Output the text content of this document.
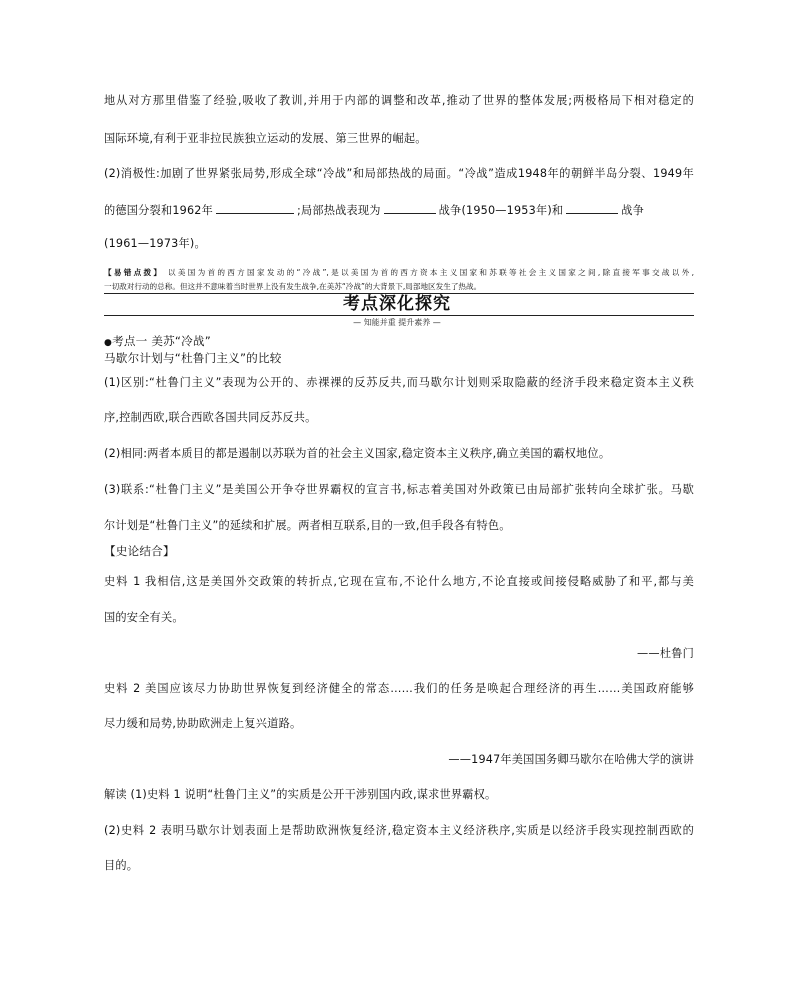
地从对方那里借鉴了经验,吸收了教训,并用于内部的调整和改革,推动了世界的整体发展;两极格局下相对稳定的
国际环境,有利于亚非拉民族独立运动的发展、第三世界的崛起。
(2)消极性:加剧了世界紧张局势,形成全球“冷战”和局部热战的局面。“冷战”造成1948年的朝鲜半岛分裂、1949年
的德国分裂和1962年	;局部热战表现为	战争(1950—1953年)和	战争
(1961—1973年)。
【易错点拨】 以美国为首的西方国家发动的“冷战”,是以美国为首的西方资本主义国家和苏联等社会主义国家之间,除直接军事交战以外,
一切敌对行动的总称。但这并不意味着当时世界上没有发生战争,在美苏“冷战”的大背景下,局部地区发生了热战。
考点深化探究
— 知能并重 提升素养 —
●考点一 美苏“冷战”
马歇尔计划与“杜鲁门主义”的比较
(1)区别:“杜鲁门主义”表现为公开的、赤裸裸的反苏反共,而马歇尔计划则采取隐蔽的经济手段来稳定资本主义秩
序,控制西欧,联合西欧各国共同反苏反共。
(2)相同:两者本质目的都是遏制以苏联为首的社会主义国家,稳定资本主义秩序,确立美国的霸权地位。
(3)联系:“杜鲁门主义”是美国公开争夺世界霸权的宣言书,标志着美国对外政策已由局部扩张转向全球扩张。马歇
尔计划是“杜鲁门主义”的延续和扩展。两者相互联系,目的一致,但手段各有特色。
【史论结合】
史料 1 我相信,这是美国外交政策的转折点,它现在宣布,不论什么地方,不论直接或间接侵略威胁了和平,都与美
国的安全有关。
——杜鲁门
史料 2 美国应该尽力协助世界恢复到经济健全的常态……我们的任务是唤起合理经济的再生……美国政府能够
尽力缓和局势,协助欧洲走上复兴道路。
——1947年美国国务卿马歇尔在哈佛大学的演讲
解读 (1)史料 1 说明“杜鲁门主义”的实质是公开干涉别国内政,谋求世界霸权。
(2)史料 2 表明马歇尔计划表面上是帮助欧洲恢复经济,稳定资本主义经济秩序,实质是以经济手段实现控制西欧的
目的。
